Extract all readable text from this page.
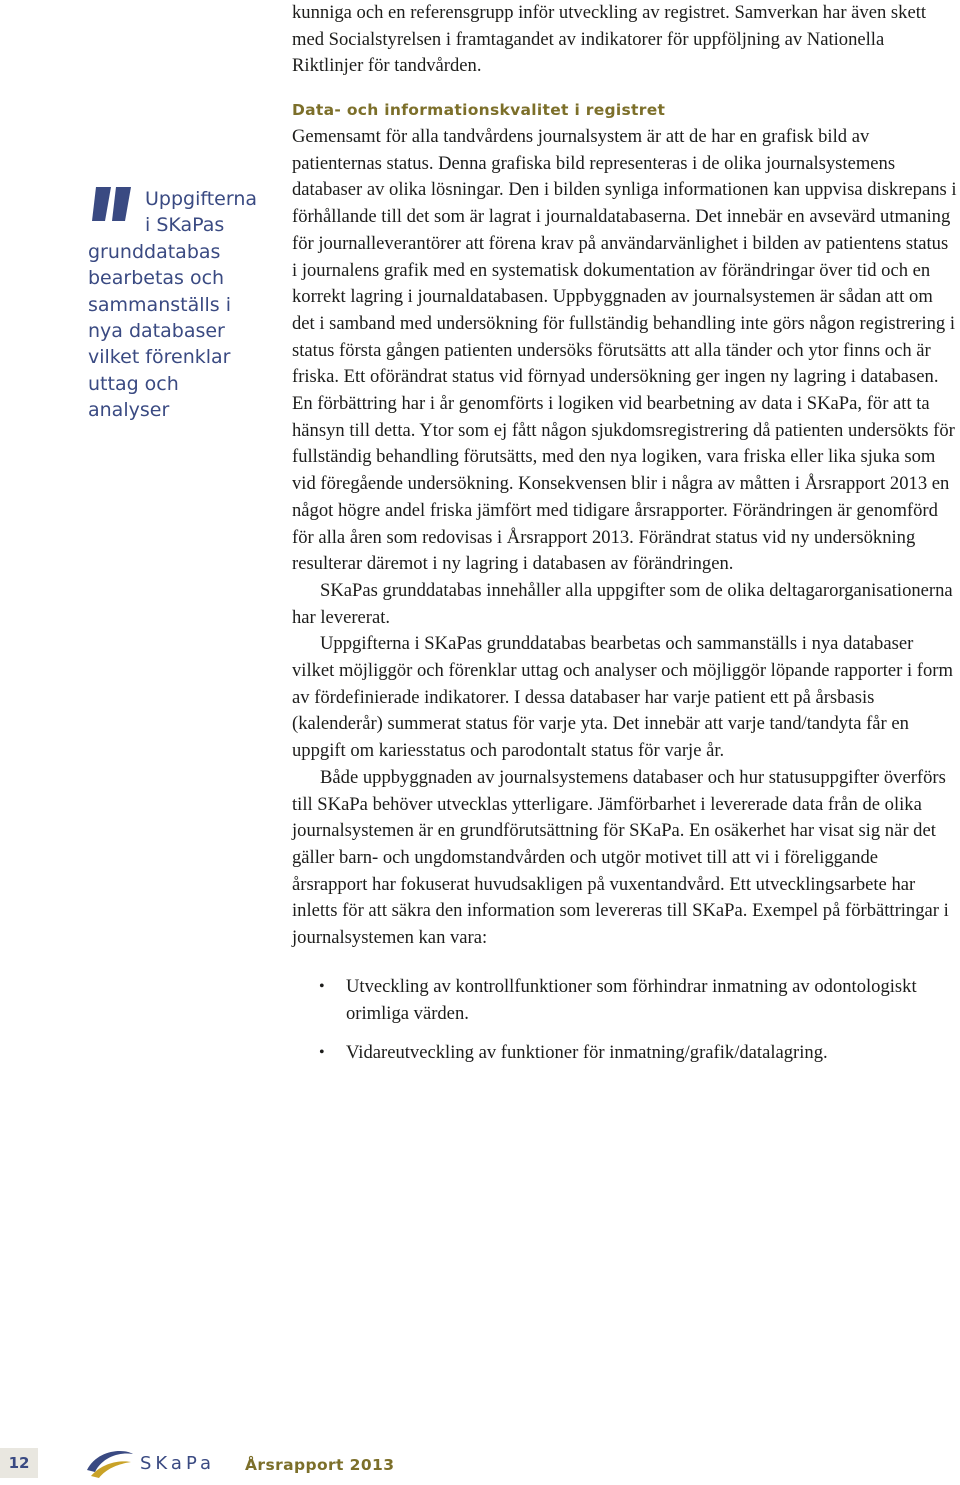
kunniga och en referensgrupp inför utveckling av registret. Samverkan har även skett med Socialstyrelsen i framtagandet av indikatorer för uppföljning av Nationella Riktlinjer för tandvården.

Data- och informationskvalitet i registret

Gemensamt för alla tandvårdens journalsystem är att de har en grafisk bild av patienternas status. Denna grafiska bild representeras i de olika journalsystemens databaser av olika lösningar. Den i bilden synliga informationen kan uppvisa diskrepans i förhållande till det som är lagrat i journaldatabaserna. Det innebär en avsevärd utmaning för journalleverantörer att förena krav på användarvänlighet i bilden av patientens status i journalens grafik med en systematisk dokumentation av förändringar över tid och en korrekt lagring i journaldatabasen. Uppbyggnaden av journalsystemen är sådan att om det i samband med undersökning för fullständig behandling inte görs någon registrering i status första gången patienten undersöks förutsätts att alla tänder och ytor finns och är friska. Ett oförändrat status vid förnyad undersökning ger ingen ny lagring i databasen. En förbättring har i år genomförts i logiken vid bearbetning av data i SKaPa, för att ta hänsyn till detta. Ytor som ej fått någon sjukdomsregistrering då patienten undersökts för fullständig behandling förutsätts, med den nya logiken, vara friska eller lika sjuka som vid föregående undersökning. Konsekvensen blir i några av måtten i Årsrapport 2013 en något högre andel friska jämfört med tidigare årsrapporter. Förändringen är genomförd för alla åren som redovisas i Årsrapport 2013. Förändrat status vid ny undersökning resulterar däremot i ny lagring i databasen av förändringen.

SKaPas grunddatabas innehåller alla uppgifter som de olika deltagarorganisationerna har levererat.

Uppgifterna i SKaPas grunddatabas bearbetas och sammanställs i nya databaser vilket möjliggör och förenklar uttag och analyser och möjliggör löpande rapporter i form av fördefinierade indikatorer. I dessa databaser har varje patient ett på årsbasis (kalenderår) summerat status för varje yta. Det innebär att varje tand/tandyta får en uppgift om kariesstatus och parodontalt status för varje år.

Både uppbyggnaden av journalsystemens databaser och hur statusuppgifter överförs till SKaPa behöver utvecklas ytterligare. Jämförbarhet i levererade data från de olika journalsystemen är en grundförutsättning för SKaPa. En osäkerhet har visat sig när det gäller barn- och ungdomstandvården och utgör motivet till att vi i föreliggande årsrapport har fokuserat huvudsakligen på vuxentandvård. Ett utvecklingsarbete har inletts för att säkra den information som levereras till SKaPa. Exempel på förbättringar i journalsystemen kan vara:

• Utveckling av kontrollfunktioner som förhindrar inmatning av odontologiskt orimliga värden.
• Vidareutveckling av funktioner för inmatning/grafik/datalagring.
Uppgifterna
i SKaPas
grunddatabas
bearbetas och
sammanställs i
nya databaser
vilket förenklar
uttag och
analyser
12	SKaPa Årsrapport 2013
